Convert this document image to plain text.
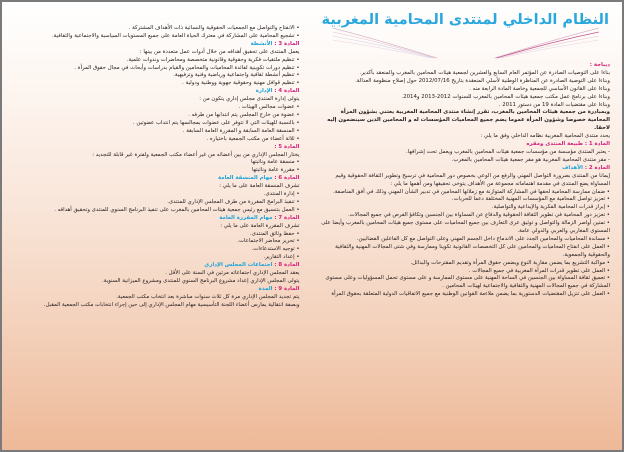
• الانفتاح والتواصل مع الجمعيات الحقوقية والنسائية ذات الأهداف المشتركة .

• تشجيع المحامية على المشاركة في معترك الحياة العامة على جميع المستويات السياسية والاجتماعية والثقافية.

المادة 3 : الأنشطة

يعمل المنتدى على تحقيق أهدافه من خلال أدوات عمل متعددة من بينها :

• تنظيم ملتقيات فكرية وحقوقية وقانونية متخصصة ومحاضرات وندوات علمية.

• تنظيم دورات تكوينية لفائدة المحاميات والمحامين والقيام بدراسات وأبحاث في مجال حقوق المرأة .

• تنظيم أنشطة ثقافية واجتماعية ورياضية وفنية وترفيهية.

• تنظيم قوافل مهنية وحقوقية جهوية ووطنية ودولية .

المادة 4 : الإدارة

يتولى إدارة المنتدى مجلس إداري يتكون من :

• عضوات مجالس الهيئات .

• عضوة من خارج المجلس يتم انتدابها من طرفه .

• بالنسبة للهيئات التي لا تتوفر على عضوات بمجالسها يتم انتداب عضوتين .

• المنسقة العامة السابقة و المقررة العامة السابقة .

• ثلاثة أعضاء من مكتب الجمعية باختياره .

المادة 5 :

يختار المجلس الإداري من بين أعضائه من غير أعضاء مكتب الجمعية ولفترة غير قابلة للتجديد :

• منسقة عامة ونائبتها

• مقررة عامة ونائبتها

المادة 6 : مهام المنسقة العامة

تشرف المنسقة العامة على ما يلي :

• إدارة المنتدى.

• تنفيذ البرامج المقررة من طرف المجلس الإداري للمنتدى.

• العمل بتنسيق مع رئيس جمعية هيئات المحامين بالمغرب على تنفيذ البرنامج السنوي للمنتدى وتحقيق أهدافه .

المادة 7 : مهام المقررة العامة

تشرف المقررة العامة على ما يلي :

• حفظ وثائق المنتدى.

• تحرير محاضر الاجتماعات.

• توجيه الاستدعاءات.

• إعداد التقارير.

المادة 8 : اجتماعات المجلس الإداري

يعقد المجلس الإداري اجتماعاته مرتين في السنة على الأقل .

يتولى المجلس الإداري إعداد مشروع البرنامج السنوي للمنتدى ومشروع الميزانية السنوية.

المادة 9 : المدة

يتم تجديد المجلس الإداري مرة كل ثلاث سنوات مباشرة بعد انتخاب مكتب الجمعية.

وبصفة انتقالية يمارس أعضاء اللجنة التأسيسية مهام المجلس الإداري إلى حين إجراء انتخابات مكتب الجمعية المقبل.

النظام الداخلي لمنتدى المحامية المغربية

ديباجة :

بناءا على التوصيات الصادرة عن المؤتمر العام السابع والعشرين لجمعية هيئات المحامين بالمغرب والمنعقد بأكدير.

وبناءا على التوصية الصادرة عن المناظرة الوطنية لأسلي المنعقدة بتاريخ 2012/07/16 حول إصلاح منظومة العدالة.

وبناءا على القانون الأساسي للجمعية وخاصة المادة الرابعة منه .

وبناءا على برنامج عمل مكتب جمعية هيئات المحامين بالمغرب للسنوات 2012-2013 و2014.

وبناءا على مقتضيات المادة 19 من دستور 2011 .

وبمبادرة من جمعية هيئات المحامين بالمغرب، تقرر إنشاء منتدى المحامية المغربية يعتني بشؤون المرأة المحامية خصوصا وشؤون المرأة عموما يضم جميع المحاميات المؤسسات له و المحامين الذين سينضمون إليه لاحقا.

يحدد منتدى المحامية المغربية نظامه الداخلي وفق ما يلي :

المادة 1 : طبيعة المنتدى ومقره

- يعتبر المنتدى مؤسسة من مؤسسات جمعية هيئات المحامين بالمغرب ويعمل تحت إشرافها.

- مقر منتدى المحامية المغربية هو مقر جمعية هيئات المحامين بالمغرب.

المادة 2 : الأهداف

إيمانا من المنتدى بضرورة التواصل المهني والرفع من الوعي بخصوص دور المحامية في ترسيخ وتطوير الثقافة الحقوقية وقيم المساواة يضع المنتدى في مقدمة اهتماماته مجموعة من الأهداف يتوخى تحقيقها ومن أهمها ما يلي :

• ضمان ممارسة المحامية لحقها في المشاركة المتوازنة مع زملائها المحامين في تدبير الشأن المهني وذلك في أفق المناصفة.

• تعزيز تواصل المحامية مع المؤسسات المهنية المختلفة دعما للحريات.

• إبراز قدرات المحامية الفكرية والإبداعية والتواصلية.

• تعزيز دور المحامية في تطوير الثقافة الحقوقية والدفاع عن المساواة بين الجنسين وتكافؤ الفرص في جميع المجالات.

• تمتين أواصر الزمالة والتواصل و توثيق عرى التعارف بين جميع المحاميات على مستوى جميع هيئات المحامين بالمغرب وأيضا على المستوى المغاربي والعربي والدولي عامة.

• مساندة المحاميات والمحامين الجدد على الاندماج داخل الجسم المهني وعلى التواصل مع كل الفاعلين الفضائيين.

• العمل على انفتاح المحاميات والمحامين على كل التخصصات القانونية تكوينا وممارسة وفي شتى المجالات المهنية والثقافية والحقوقية والجمعوية.

• مواكبة التشريع بما يضمن مقاربة النوع ويضمن حقوق المرأة وتقديم المقترحات والبدائل.

• العمل على تطوير قدرات المرأة المغربية في جميع المجالات .

• تعميق ثقافة المساواة بين الجنسين في الساحة المهنية على مستوى الممارسة و على مستوى تحمل المسؤوليات وعلى مستوى المشاركة في جميع المجالات المهنية والثقافية والاجتماعية لهيئات المحامين .

• العمل على تنزيل المقتضيات الدستورية بما يضمن ملاءمة القوانين الوطنية مع جميع الاتفاقيات الدولية المتعلقة بحقوق المرأة
